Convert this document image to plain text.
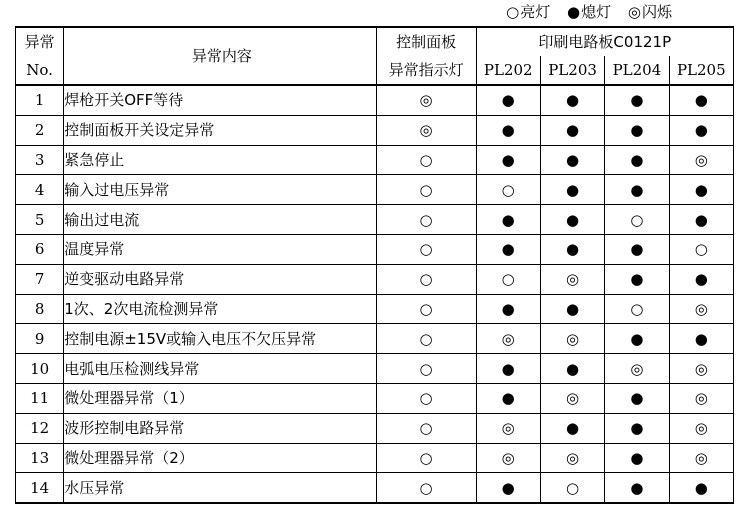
○亮灯 ●熄灯 ◎闪烁
异常	异常内容	控制面板	印刷电路板C0121P			
No.		异常指示灯	PL202	PL203	PL204	PL205
1	焊枪开关OFF等待	◎	●	●	●	●
2	控制面板开关设定异常	◎	●	●	●	●
3	紧急停止	○	●	●	●	◎
4	输入过电压异常	○	○	●	●	●
5	输出过电流	○	●	●	○	●
6	温度异常	○	●	●	●	○
7	逆变驱动电路异常	○	○	◎	●	●
8	1次、2次电流检测异常	○	●	●	○	◎
9	控制电源±15V或输入电压不欠压异常	○	◎	◎	●	●
10	电弧电压检测线异常	○	●	●	◎	◎
11	微处理器异常（1）	○	●	◎	●	◎
12	波形控制电路异常	○	◎	●	●	◎
13	微处理器异常（2）	○	◎	◎	●	◎
14	水压异常	○	●	○	●	●
